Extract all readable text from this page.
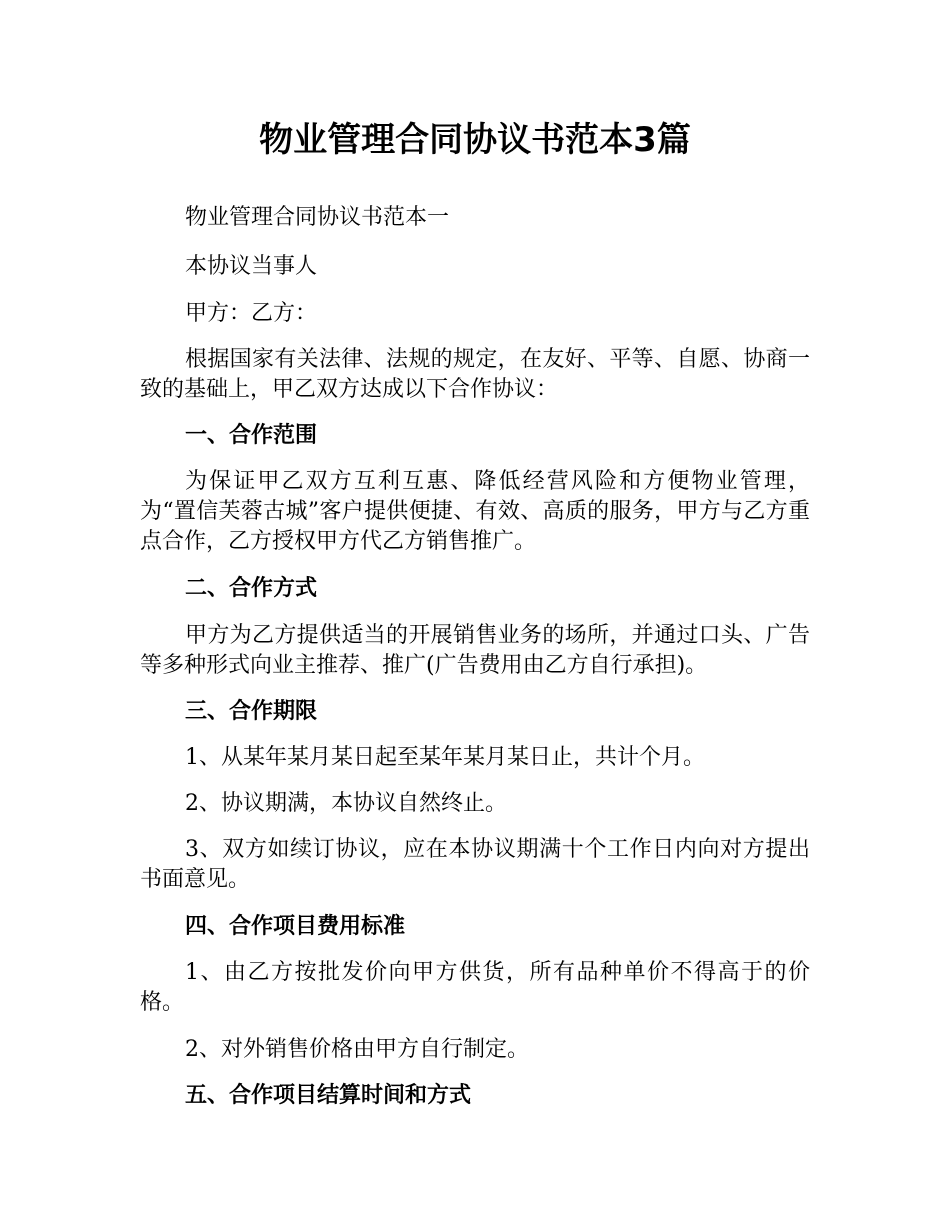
物业管理合同协议书范本3篇

物业管理合同协议书范本一

本协议当事人

甲方：乙方：

根据国家有关法律、法规的规定，在友好、平等、自愿、协商一致的基础上，甲乙双方达成以下合作协议：

一、合作范围

为保证甲乙双方互利互惠、降低经营风险和方便物业管理，为“置信芙蓉古城”客户提供便捷、有效、高质的服务，甲方与乙方重点合作，乙方授权甲方代乙方销售推广。

二、合作方式

甲方为乙方提供适当的开展销售业务的场所，并通过口头、广告等多种形式向业主推荐、推广(广告费用由乙方自行承担)。

三、合作期限

1、从某年某月某日起至某年某月某日止，共计个月。

2、协议期满，本协议自然终止。

3、双方如续订协议，应在本协议期满十个工作日内向对方提出书面意见。

四、合作项目费用标准

1、由乙方按批发价向甲方供货，所有品种单价不得高于的价格。

2、对外销售价格由甲方自行制定。

五、合作项目结算时间和方式
